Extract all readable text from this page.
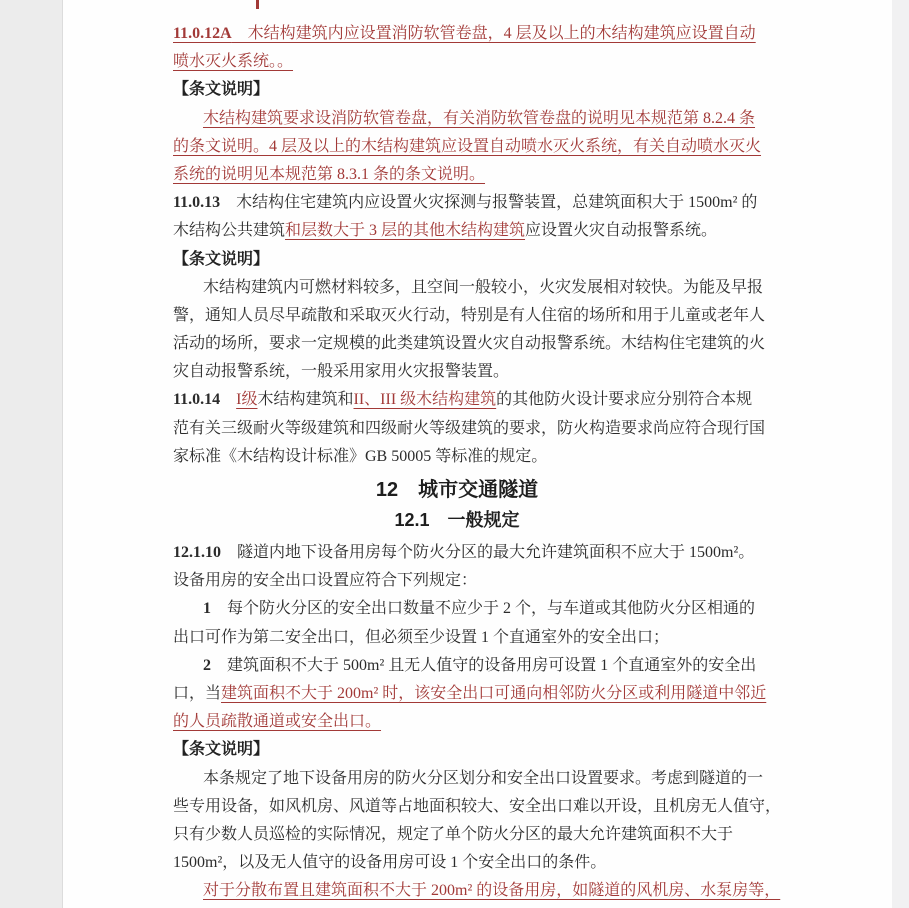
11.0.12A　木结构建筑内应设置消防软管卷盘，4 层及以上的木结构建筑应设置自动
喷水灭火系统。。
【条文说明】
木结构建筑要求设消防软管卷盘，有关消防软管卷盘的说明见本规范第 8.2.4 条
的条文说明。4 层及以上的木结构建筑应设置自动喷水灭火系统，有关自动喷水灭火
系统的说明见本规范第 8.3.1 条的条文说明。
11.0.13　木结构住宅建筑内应设置火灾探测与报警装置，总建筑面积大于 1500m² 的
木结构公共建筑和层数大于 3 层的其他木结构建筑应设置火灾自动报警系统。
【条文说明】
木结构建筑内可燃材料较多，且空间一般较小，火灾发展相对较快。为能及早报
警，通知人员尽早疏散和采取灭火行动，特别是有人住宿的场所和用于儿童或老年人
活动的场所，要求一定规模的此类建筑设置火灾自动报警系统。木结构住宅建筑的火
灾自动报警系统，一般采用家用火灾报警装置。
11.0.14　 I级木结构建筑和II、III 级木结构建筑的其他防火设计要求应分别符合本规
范有关三级耐火等级建筑和四级耐火等级建筑的要求，防火构造要求尚应符合现行国
家标准《木结构设计标准》GB 50005 等标准的规定。
12　城市交通隧道
12.1　一般规定
12.1.10　隧道内地下设备用房每个防火分区的最大允许建筑面积不应大于 1500m²。
设备用房的安全出口设置应符合下列规定：
1　每个防火分区的安全出口数量不应少于 2 个，与车道或其他防火分区相通的
出口可作为第二安全出口，但必须至少设置 1 个直通室外的安全出口；
2　建筑面积不大于 500m² 且无人值守的设备用房可设置 1 个直通室外的安全出
口，当建筑面积不大于 200m² 时，该安全出口可通向相邻防火分区或利用隧道中邻近
的人员疏散通道或安全出口。
【条文说明】
本条规定了地下设备用房的防火分区划分和安全出口设置要求。考虑到隧道的一
些专用设备，如风机房、风道等占地面积较大、安全出口难以开设，且机房无人值守，
只有少数人员巡检的实际情况，规定了单个防火分区的最大允许建筑面积不大于
1500m²，以及无人值守的设备用房可设 1 个安全出口的条件。
对于分散布置且建筑面积不大于 200m² 的设备用房，如隧道的风机房、水泵房等，
